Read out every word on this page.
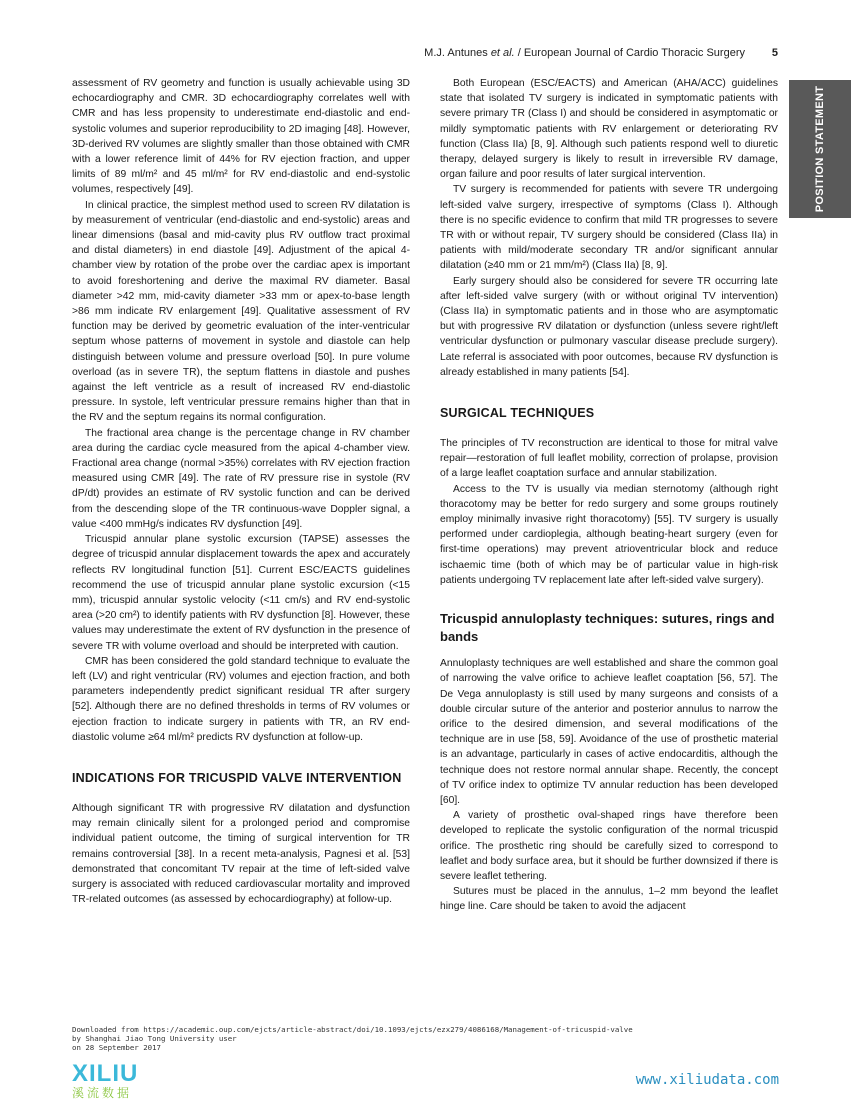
M.J. Antunes et al. / European Journal of Cardio Thoracic Surgery 5
POSITION STATEMENT

assessment of RV geometry and function is usually achievable using 3D echocardiography and CMR. 3D echocardiography correlates well with CMR and has less propensity to underestimate end-diastolic and end-systolic volumes and superior reproducibility to 2D imaging [48]. However, 3D-derived RV volumes are slightly smaller than those obtained with CMR with a lower reference limit of 44% for RV ejection fraction, and upper limits of 89 ml/m² and 45 ml/m² for RV end-diastolic and end-systolic volumes, respectively [49].

In clinical practice, the simplest method used to screen RV dilatation is by measurement of ventricular (end-diastolic and end-systolic) areas and linear dimensions (basal and mid-cavity plus RV outflow tract proximal and distal diameters) in end diastole [49]. Adjustment of the apical 4-chamber view by rotation of the probe over the cardiac apex is important to avoid foreshortening and derive the maximal RV diameter. Basal diameter >42 mm, mid-cavity diameter >33 mm or apex-to-base length >86 mm indicate RV enlargement [49]. Qualitative assessment of RV function may be derived by geometric evaluation of the inter-ventricular septum whose patterns of movement in systole and diastole can help distinguish between volume and pressure overload [50]. In pure volume overload (as in severe TR), the septum flattens in diastole and pushes against the left ventricle as a result of increased RV end-diastolic pressure. In systole, left ventricular pressure remains higher than that in the RV and the septum regains its normal configuration.

The fractional area change is the percentage change in RV chamber area during the cardiac cycle measured from the apical 4-chamber view. Fractional area change (normal >35%) correlates with RV ejection fraction measured using CMR [49]. The rate of RV pressure rise in systole (RV dP/dt) provides an estimate of RV systolic function and can be derived from the descending slope of the TR continuous-wave Doppler signal, a value <400 mmHg/s indicates RV dysfunction [49].

Tricuspid annular plane systolic excursion (TAPSE) assesses the degree of tricuspid annular displacement towards the apex and accurately reflects RV longitudinal function [51]. Current ESC/EACTS guidelines recommend the use of tricuspid annular plane systolic excursion (<15 mm), tricuspid annular systolic velocity (<11 cm/s) and RV end-systolic area (>20 cm²) to identify patients with RV dysfunction [8]. However, these values may underestimate the extent of RV dysfunction in the presence of severe TR with volume overload and should be interpreted with caution.

CMR has been considered the gold standard technique to evaluate the left (LV) and right ventricular (RV) volumes and ejection fraction, and both parameters independently predict significant residual TR after surgery [52]. Although there are no defined thresholds in terms of RV volumes or ejection fraction to indicate surgery in patients with TR, an RV end-diastolic volume ≥64 ml/m² predicts RV dysfunction at follow-up.

INDICATIONS FOR TRICUSPID VALVE INTERVENTION

Although significant TR with progressive RV dilatation and dysfunction may remain clinically silent for a prolonged period and compromise individual patient outcome, the timing of surgical intervention for TR remains controversial [38]. In a recent meta-analysis, Pagnesi et al. [53] demonstrated that concomitant TV repair at the time of left-sided valve surgery is associated with reduced cardiovascular mortality and improved TR-related outcomes (as assessed by echocardiography) at follow-up.

Both European (ESC/EACTS) and American (AHA/ACC) guidelines state that isolated TV surgery is indicated in symptomatic patients with severe primary TR (Class I) and should be considered in asymptomatic or mildly symptomatic patients with RV enlargement or deteriorating RV function (Class IIa) [8, 9]. Although such patients respond well to diuretic therapy, delayed surgery is likely to result in irreversible RV damage, organ failure and poor results of later surgical intervention.

TV surgery is recommended for patients with severe TR undergoing left-sided valve surgery, irrespective of symptoms (Class I). Although there is no specific evidence to confirm that mild TR progresses to severe TR with or without repair, TV surgery should be considered (Class IIa) in patients with mild/moderate secondary TR and/or significant annular dilatation (≥40 mm or 21 mm/m²) (Class IIa) [8, 9].

Early surgery should also be considered for severe TR occurring late after left-sided valve surgery (with or without original TV intervention) (Class IIa) in symptomatic patients and in those who are asymptomatic but with progressive RV dilatation or dysfunction (unless severe right/left ventricular dysfunction or pulmonary vascular disease preclude surgery). Late referral is associated with poor outcomes, because RV dysfunction is already established in many patients [54].

SURGICAL TECHNIQUES

The principles of TV reconstruction are identical to those for mitral valve repair—restoration of full leaflet mobility, correction of prolapse, provision of a large leaflet coaptation surface and annular stabilization.

Access to the TV is usually via median sternotomy (although right thoracotomy may be better for redo surgery and some groups routinely employ minimally invasive right thoracotomy) [55]. TV surgery is usually performed under cardioplegia, although beating-heart surgery (even for first-time operations) may prevent atrioventricular block and reduce ischaemic time (both of which may be of particular value in high-risk patients undergoing TV replacement late after left-sided valve surgery).

Tricuspid annuloplasty techniques: sutures, rings and bands

Annuloplasty techniques are well established and share the common goal of narrowing the valve orifice to achieve leaflet coaptation [56, 57]. The De Vega annuloplasty is still used by many surgeons and consists of a double circular suture of the anterior and posterior annulus to narrow the orifice to the desired dimension, and several modifications of the technique are in use [58, 59]. Avoidance of the use of prosthetic material is an advantage, particularly in cases of active endocarditis, although the technique does not restore normal annular shape. Recently, the concept of TV orifice index to optimize TV annular reduction has been developed [60].

A variety of prosthetic oval-shaped rings have therefore been developed to replicate the systolic configuration of the normal tricuspid orifice. The prosthetic ring should be carefully sized to correspond to leaflet and body surface area, but it should be further downsized if there is severe leaflet tethering.

Sutures must be placed in the annulus, 1–2 mm beyond the leaflet hinge line. Care should be taken to avoid the adjacent

Downloaded from https://academic.oup.com/ejcts/article-abstract/doi/10.1093/ejcts/ezx279/4086168/Management-of-tricuspid-valve
by Shanghai Jiao Tong University user
on 28 September 2017
XILIU
溪流数据
www.xiliudata.com
